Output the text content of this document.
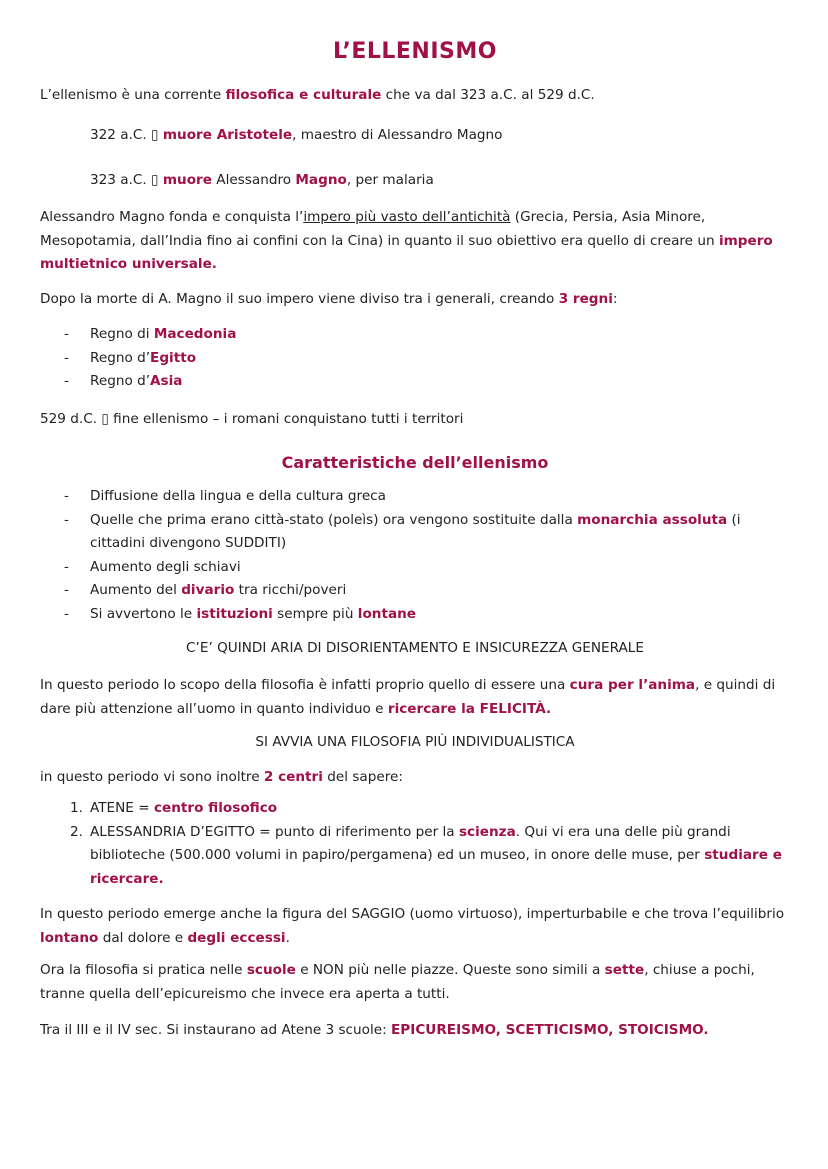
L’ELLENISMO
Caratteristiche dell’ellenismo
L’ellenismo è una corrente filosofica e culturale che va dal 323 a.C. al 529 d.C.
322 a.C. ▯ muore Aristotele, maestro di Alessandro Magno
323 a.C. ▯ muore Alessandro Magno, per malaria
Alessandro Magno fonda e conquista l’impero più vasto dell’antichità (Grecia, Persia, Asia Minore, Mesopotamia, dall’India fino ai confini con la Cina) in quanto il suo obiettivo era quello di creare un impero multietnico universale.
Dopo la morte di A. Magno il suo impero viene diviso tra i generali, creando 3 regni:
529 d.C. ▯ fine ellenismo – i romani conquistano tutti i territori
C’E’ QUINDI ARIA DI DISORIENTAMENTO E INSICUREZZA GENERALE
In questo periodo lo scopo della filosofia è infatti proprio quello di essere una cura per l’anima, e quindi di dare più attenzione all’uomo in quanto individuo e ricercare la FELICITÀ.
SI AVVIA UNA FILOSOFIA PIÙ INDIVIDUALISTICA
in questo periodo vi sono inoltre 2 centri del sapere:
In questo periodo emerge anche la figura del SAGGIO (uomo virtuoso), imperturbabile e che trova l’equilibrio lontano dal dolore e degli eccessi.
Ora la filosofia si pratica nelle scuole e NON più nelle piazze. Queste sono simili a sette, chiuse a pochi, tranne quella dell’epicureismo che invece era aperta a tutti.
Tra il III e il IV sec. Si instaurano ad Atene 3 scuole: EPICUREISMO, SCETTICISMO, STOICISMO.
- Regno di Macedonia
- Regno d’Egitto
- Regno d’Asia
- Diffusione della lingua e della cultura greca
- Quelle che prima erano città-stato (poleìs) ora vengono sostituite dalla monarchia assoluta (i cittadini divengono SUDDITI)
- Aumento degli schiavi
- Aumento del divario tra ricchi/poveri
- Si avvertono le istituzioni sempre più lontane
1. ATENE = centro filosofico
2. ALESSANDRIA D’EGITTO = punto di riferimento per la scienza. Qui vi era una delle più grandi biblioteche (500.000 volumi in papiro/pergamena) ed un museo, in onore delle muse, per studiare e ricercare.
